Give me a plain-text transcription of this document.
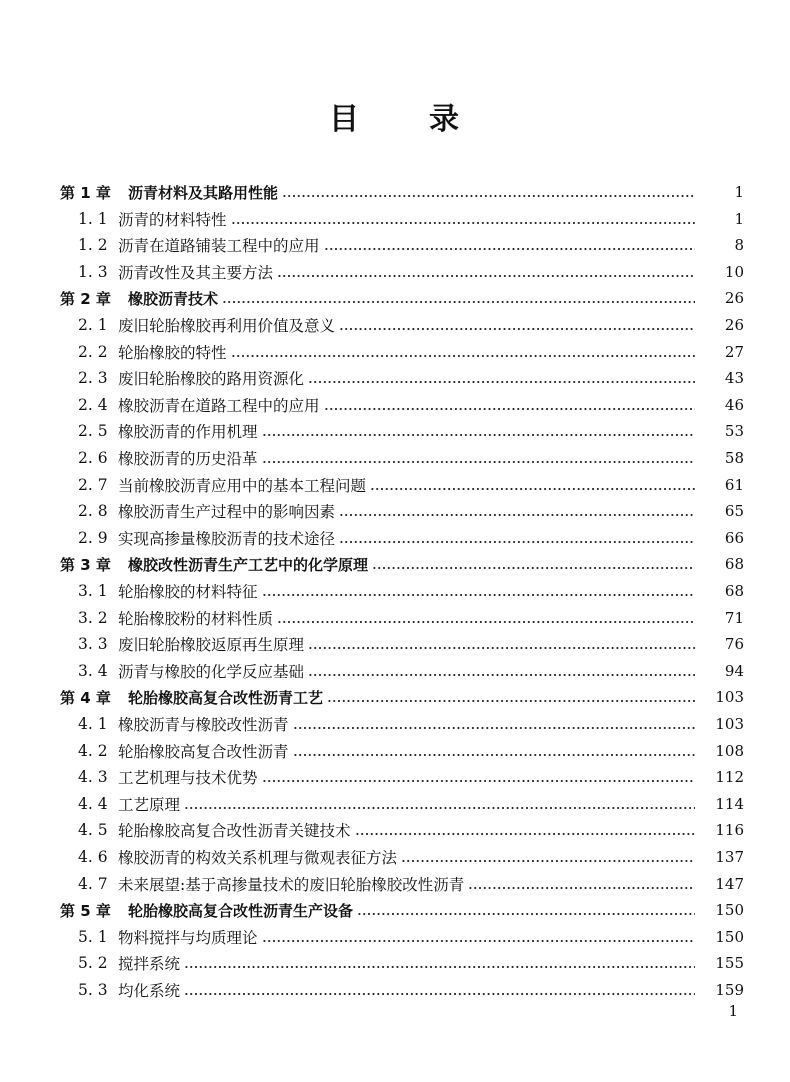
目 录
第 1 章 沥青材料及其路用性能	1
1. 1 沥青的材料特性	1
1. 2 沥青在道路铺装工程中的应用	8
1. 3 沥青改性及其主要方法	10
第 2 章 橡胶沥青技术	26
2. 1 废旧轮胎橡胶再利用价值及意义	26
2. 2 轮胎橡胶的特性	27
2. 3 废旧轮胎橡胶的路用资源化	43
2. 4 橡胶沥青在道路工程中的应用	46
2. 5 橡胶沥青的作用机理	53
2. 6 橡胶沥青的历史沿革	58
2. 7 当前橡胶沥青应用中的基本工程问题	61
2. 8 橡胶沥青生产过程中的影响因素	65
2. 9 实现高掺量橡胶沥青的技术途径	66
第 3 章 橡胶改性沥青生产工艺中的化学原理	68
3. 1 轮胎橡胶的材料特征	68
3. 2 轮胎橡胶粉的材料性质	71
3. 3 废旧轮胎橡胶返原再生原理	76
3. 4 沥青与橡胶的化学反应基础	94
第 4 章 轮胎橡胶高复合改性沥青工艺	103
4. 1 橡胶沥青与橡胶改性沥青	103
4. 2 轮胎橡胶高复合改性沥青	108
4. 3 工艺机理与技术优势	112
4. 4 工艺原理	114
4. 5 轮胎橡胶高复合改性沥青关键技术	116
4. 6 橡胶沥青的构效关系机理与微观表征方法	137
4. 7 未来展望:基于高掺量技术的废旧轮胎橡胶改性沥青	147
第 5 章 轮胎橡胶高复合改性沥青生产设备	150
5. 1 物料搅拌与均质理论	150
5. 2 搅拌系统	155
5. 3 均化系统	159
1
